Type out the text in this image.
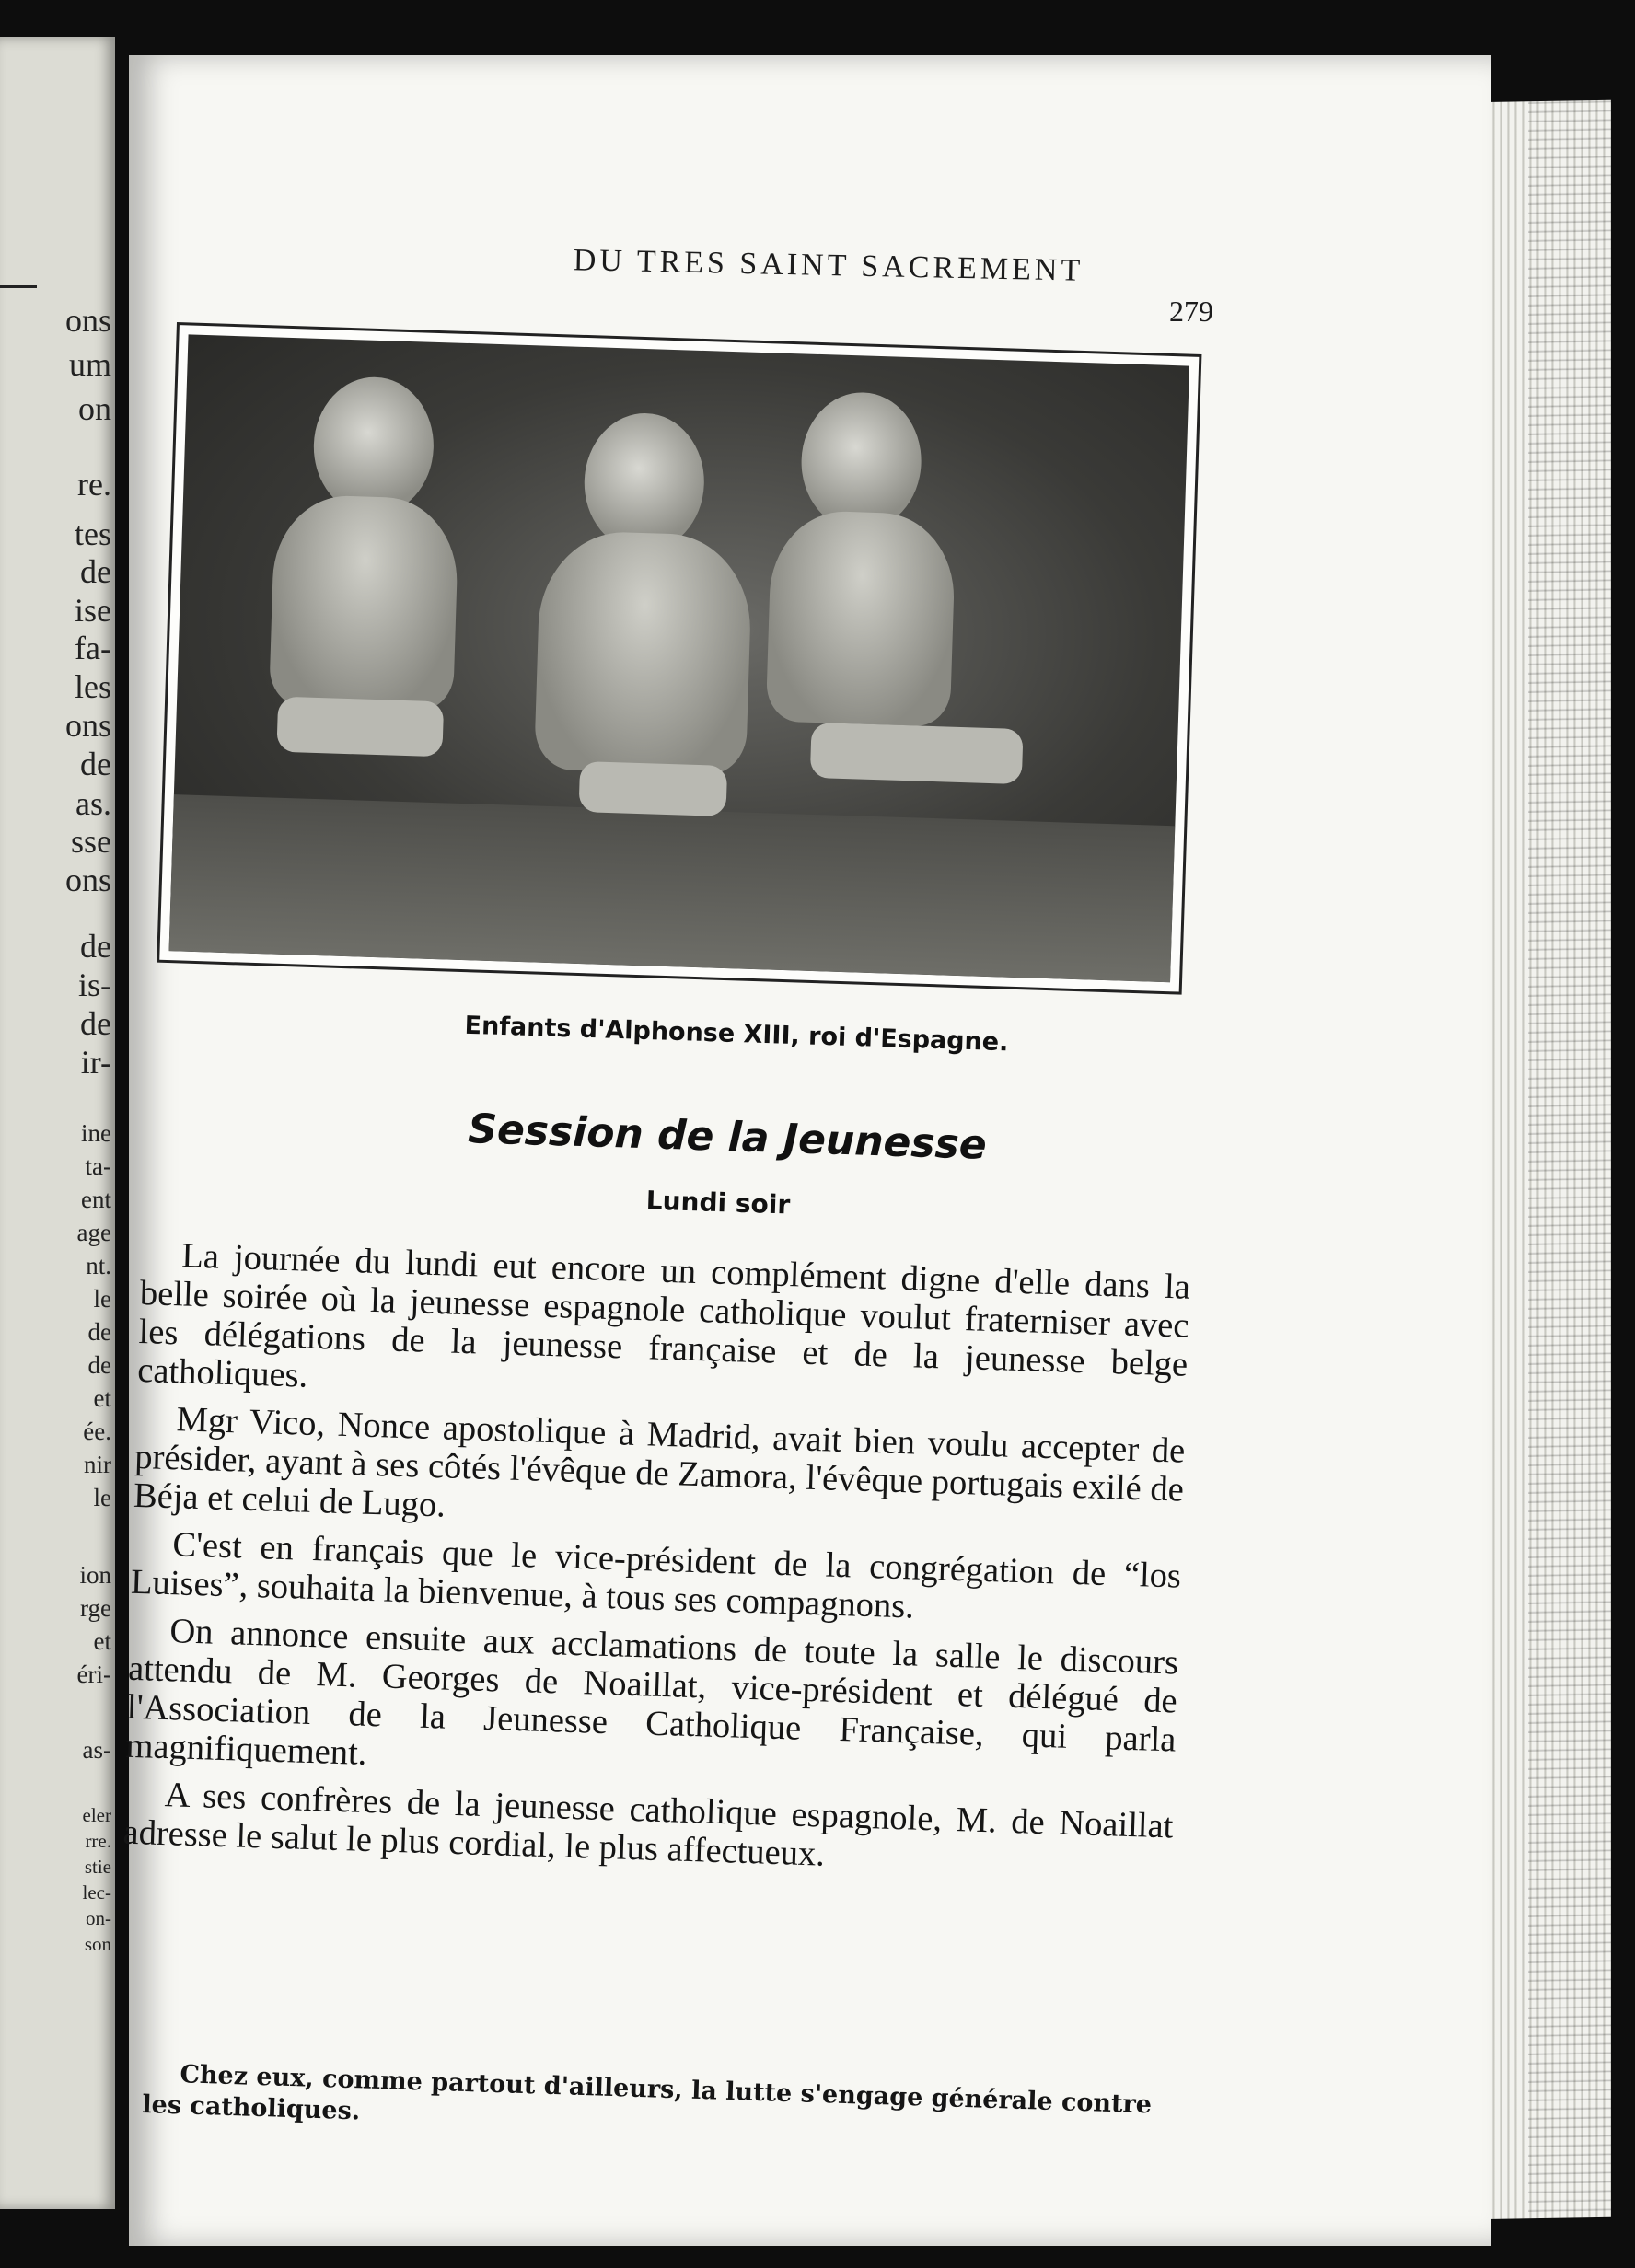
ons
um
on
re.
tes
de
ise
fa-
les
ons
de
as.
sse
ons
de
is-
de
ir-
ine
ta-
ent
age
nt.
le
de
de
et
ée.
nir
le
ion
rge
et
éri-
as-
eler
rre.
stie
lec-
on-
son
DU TRES SAINT SACREMENT
279
Enfants d'Alphonse XIII, roi d'Espagne.
Session de la Jeunesse
Lundi soir

La journée du lundi eut encore un complément digne d'elle dans la belle soirée où la jeunesse espagnole catholique voulut fraterniser avec les délégations de la jeunesse française et de la jeunesse belge catholiques.

Mgr Vico, Nonce apostolique à Madrid, avait bien voulu accepter de présider, ayant à ses côtés l'évêque de Zamora, l'évêque portugais exilé de Béja et celui de Lugo.

C'est en français que le vice-président de la congrégation de “los Luises”, souhaita la bienvenue, à tous ses compagnons.

On annonce ensuite aux acclamations de toute la salle le discours attendu de M. Georges de Noaillat, vice-président et délégué de l'Association de la Jeunesse Catholique Française, qui parla magnifiquement.

A ses confrères de la jeunesse catholique espagnole, M. de Noaillat adresse le salut le plus cordial, le plus affectueux.

Chez eux, comme partout d'ailleurs, la lutte s'engage générale contre les catholiques.
